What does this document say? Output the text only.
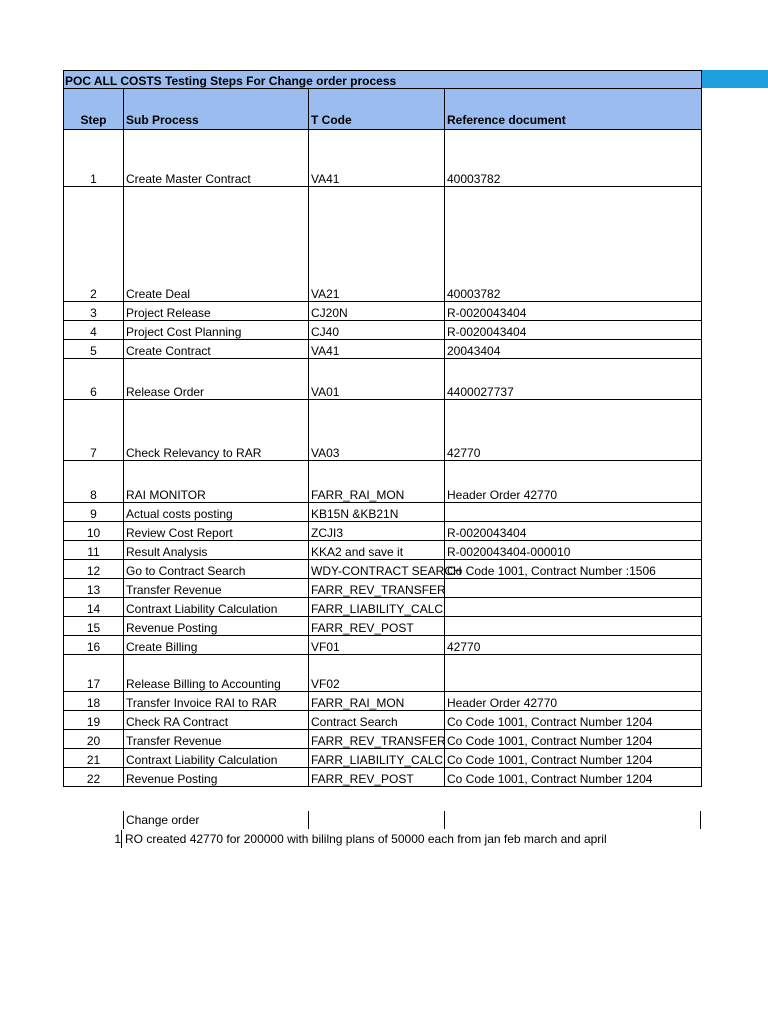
POC ALL COSTS Testing Steps For Change order process			
Step	Sub Process	T Code	Reference document
1	Create Master Contract	VA41	40003782
2	Create Deal	VA21	40003782
3	Project Release	CJ20N	R-0020043404
4	Project Cost Planning	CJ40	R-0020043404
5	Create Contract	VA41	20043404
6	Release Order	VA01	4400027737
7	Check Relevancy to RAR	VA03	42770
8	RAI MONITOR	FARR_RAI_MON	Header Order 42770
9	Actual costs posting	KB15N &KB21N	
10	Review Cost Report	ZCJI3	R-0020043404
11	Result Analysis	KKA2 and save it	R-0020043404-000010
12	Go to Contract Search	WDY-CONTRACT SEARCH	Co Code 1001, Contract Number :1506
13	Transfer Revenue	FARR_REV_TRANSFER	
14	Contraxt Liability Calculation	FARR_LIABILITY_CALC	
15	Revenue Posting	FARR_REV_POST	
16	Create Billing	VF01	42770
17	Release Billing to Accounting	VF02	
18	Transfer Invoice RAI to RAR	FARR_RAI_MON	Header Order 42770
19	Check RA Contract	Contract Search	Co Code 1001, Contract Number 1204
20	Transfer Revenue	FARR_REV_TRANSFER	Co Code 1001, Contract Number 1204
21	Contraxt Liability Calculation	FARR_LIABILITY_CALC	Co Code 1001, Contract Number 1204
22	Revenue Posting	FARR_REV_POST	Co Code 1001, Contract Number 1204
Change order
1 RO created 42770 for 200000 with bililng plans of 50000 each from jan feb march and april
